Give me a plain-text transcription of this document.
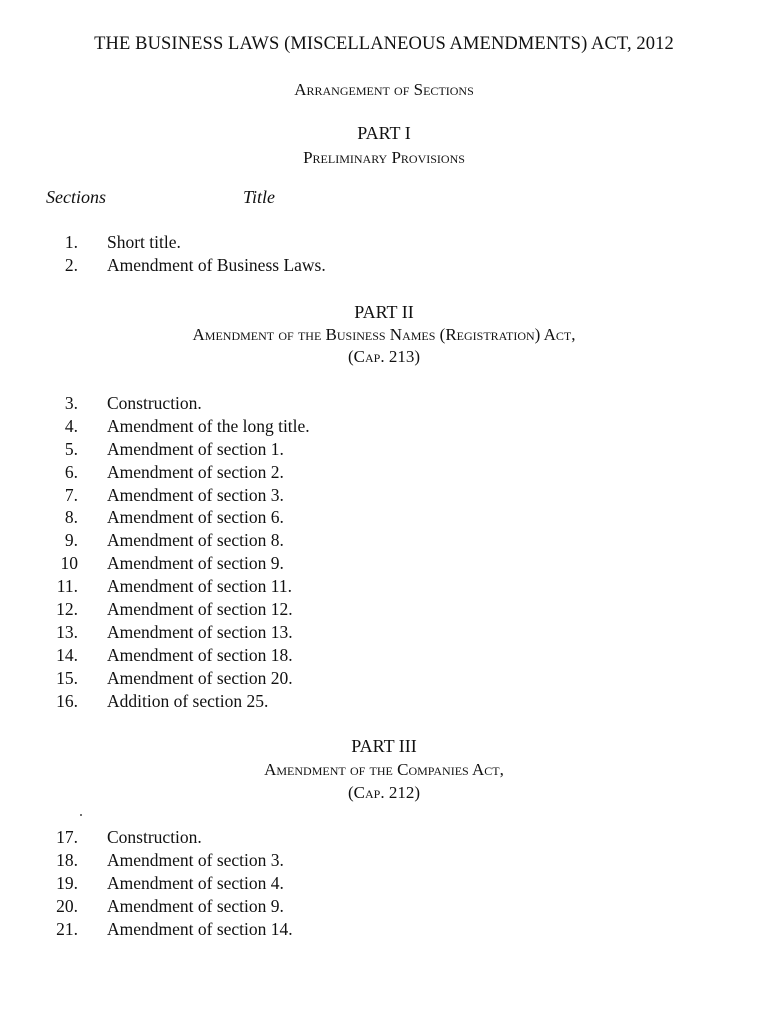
THE BUSINESS LAWS (MISCELLANEOUS AMENDMENTS) ACT, 2012
Arrangement of Sections
PART I
Preliminary Provisions
Sections	Title
1. Short title.
2. Amendment of Business Laws.
PART II
Amendment of the Business Names (Registration) Act,
(Cap. 213)
3. Construction.
4. Amendment of the long title.
5. Amendment of section 1.
6. Amendment of section 2.
7. Amendment of section 3.
8. Amendment of section 6.
9. Amendment of section 8.
10 Amendment of section 9.
11. Amendment of section 11.
12. Amendment of section 12.
13. Amendment of section 13.
14. Amendment of section 18.
15. Amendment of section 20.
16. Addition of section 25.
PART III
Amendment of the Companies Act,
(Cap. 212)
17. Construction.
18. Amendment of section 3.
19. Amendment of section 4.
20. Amendment of section 9.
21. Amendment of section 14.
